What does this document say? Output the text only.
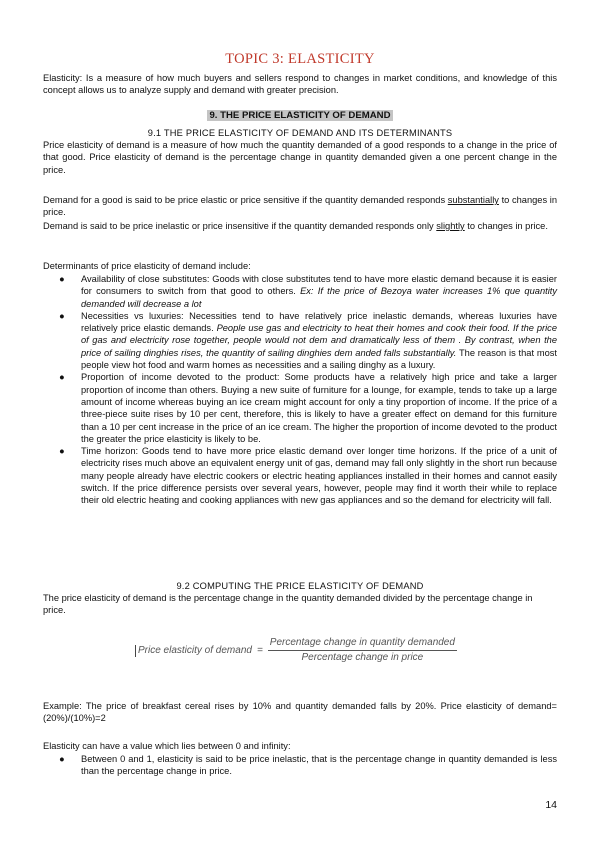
TOPIC 3: ELASTICITY

Elasticity: Is a measure of how much buyers and sellers respond to changes in market conditions, and knowledge of this concept allows us to analyze supply and demand with greater precision.

9. THE PRICE ELASTICITY OF DEMAND

9.1 THE PRICE ELASTICITY OF DEMAND AND ITS DETERMINANTS

Price elasticity of demand is a measure of how much the quantity demanded of a good responds to a change in the price of that good. Price elasticity of demand is the percentage change in quantity demanded given a one percent change in the price.

Demand for a good is said to be price elastic or price sensitive if the quantity demanded responds substantially to changes in price.

Demand is said to be price inelastic or price insensitive if the quantity demanded responds only slightly to changes in price.

Determinants of price elasticity of demand include:

● Availability of close substitutes: Goods with close substitutes tend to have more elastic demand because it is easier for consumers to switch from that good to others. Ex: If the price of Bezoya water increases 1% que quantity demanded will decrease a lot
● Necessities vs luxuries: Necessities tend to have relatively price inelastic demands, whereas luxuries have relatively price elastic demands. People use gas and electricity to heat their homes and cook their food. If the price of gas and electricity rose together, people would not dem and dramatically less of them . By contrast, when the price of sailing dinghies rises, the quantity of sailing dinghies dem anded falls substantially. The reason is that most people view hot food and warm homes as necessities and a sailing dinghy as a luxury.
● Proportion of income devoted to the product: Some products have a relatively high price and take a larger proportion of income than others. Buying a new suite of furniture for a lounge, for example, tends to take up a large amount of income whereas buying an ice cream might account for only a tiny proportion of income. If the price of a three-piece suite rises by 10 per cent, therefore, this is likely to have a greater effect on demand for this furniture than a 10 per cent increase in the price of an ice cream. The higher the proportion of income devoted to the product the greater the price elasticity is likely to be.
● Time horizon: Goods tend to have more price elastic demand over longer time horizons. If the price of a unit of electricity rises much above an equivalent energy unit of gas, demand may fall only slightly in the short run because many people already have electric cookers or electric heating appliances installed in their homes and cannot easily switch. If the price difference persists over several years, however, people may find it worth their while to replace their old electric heating and cooking appliances with new gas appliances and so the demand for electricity will fall.

9.2 COMPUTING THE PRICE ELASTICITY OF DEMAND

The price elasticity of demand is the percentage change in the quantity demanded divided by the percentage change in price.

Price elasticity of demand = $\frac{\text{Percentage change in quantity demanded}}{\text{Percentage change in price}}$

Example: The price of breakfast cereal rises by 10% and quantity demanded falls by 20%. Price elasticity of demand= (20%)/(10%)=2

Elasticity can have a value which lies between 0 and infinity:

● Between 0 and 1, elasticity is said to be price inelastic, that is the percentage change in quantity demanded is less than the percentage change in price.
14
